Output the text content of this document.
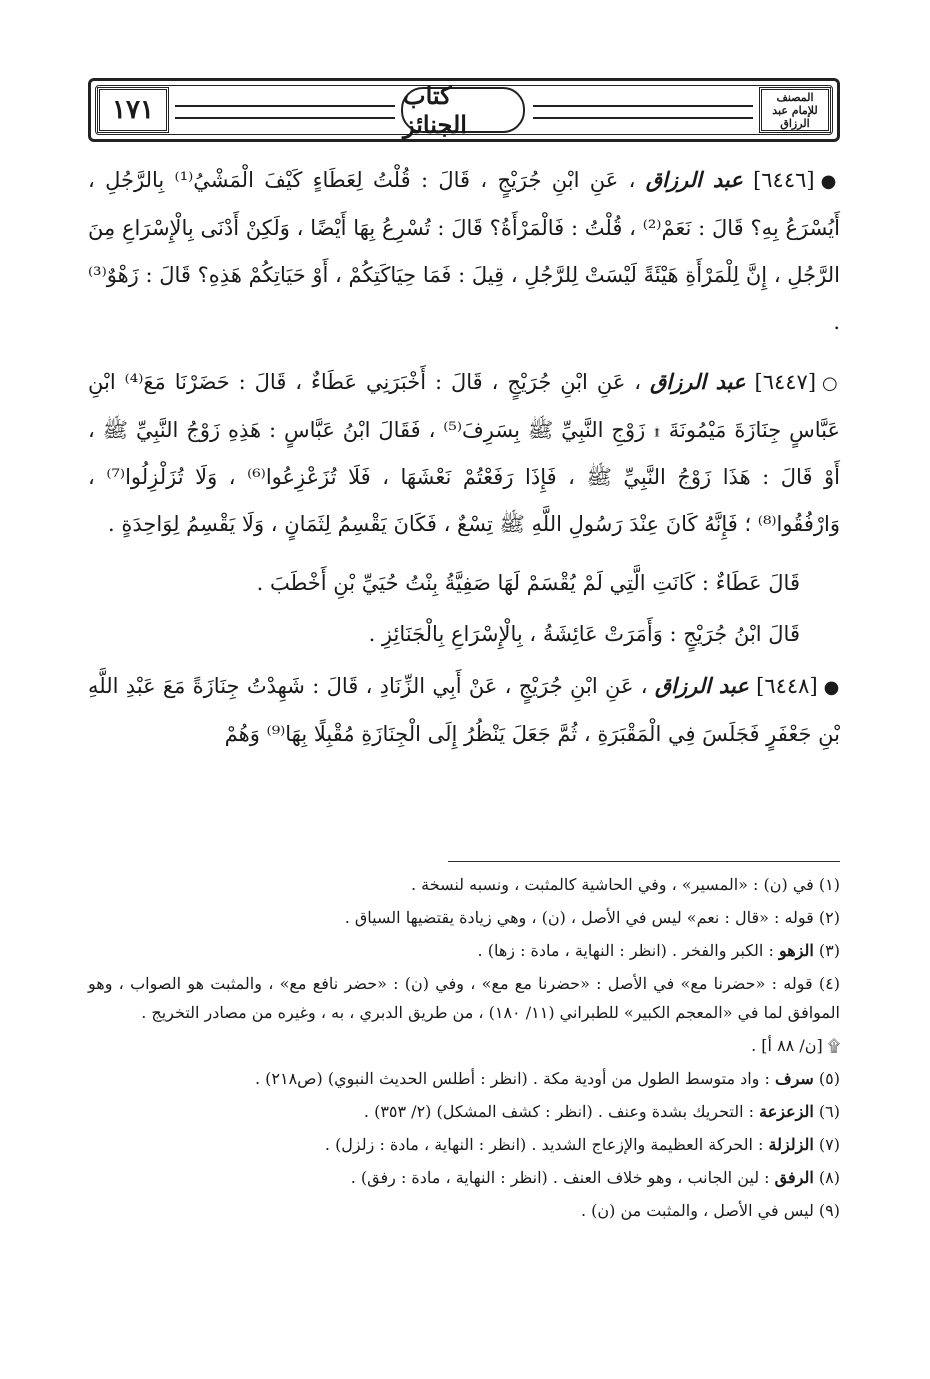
١٧١	كتاب الجنائز
المصنف للإمام عبد الرزاق

●[٦٤٤٦] عبد الرزاق ، عَنِ ابْنِ جُرَيْجٍ ، قَالَ : قُلْتُ لِعَطَاءٍ كَيْفَ الْمَشْيُ⁽¹⁾ بِالرَّجُلِ ، أَيُسْرَعُ بِهِ؟ قَالَ : نَعَمْ⁽²⁾ ، قُلْتُ : فَالْمَرْأَةُ؟ قَالَ : تُسْرِعُ بِهَا أَيْضًا ، وَلَكِنْ أَدْنَى بِالْإِسْرَاعِ مِنَ الرَّجُلِ ، إِنَّ لِلْمَرْأَةِ هَيْئَةً لَيْسَتْ لِلرَّجُلِ ، قِيلَ : فَمَا حِيَاكَتِكُمْ ، أَوْ حَيَاتِكُمْ هَذِهِ؟ قَالَ : زَهْوٌ⁽³⁾ .

○[٦٤٤٧] عبد الرزاق ، عَنِ ابْنِ جُرَيْجٍ ، قَالَ : أَخْبَرَنِي عَطَاءٌ ، قَالَ : حَضَرْنَا مَعَ⁽⁴⁾ ابْنِ عَبَّاسٍ جِنَازَةَ مَيْمُونَةَ ۩ زَوْجِ النَّبِيِّ ﷺ بِسَرِفَ⁽⁵⁾ ، فَقَالَ ابْنُ عَبَّاسٍ : هَذِهِ زَوْجُ النَّبِيِّ ﷺ ، أَوْ قَالَ : هَذَا زَوْجُ النَّبِيِّ ﷺ ، فَإِذَا رَفَعْتُمْ نَعْشَهَا ، فَلَا تُزَعْزِعُوا⁽⁶⁾ ، وَلَا تُزَلْزِلُوا⁽⁷⁾ ، وَارْفُقُوا⁽⁸⁾ ؛ فَإِنَّهُ كَانَ عِنْدَ رَسُولِ اللَّهِ ﷺ تِسْعٌ ، فَكَانَ يَقْسِمُ لِثَمَانٍ ، وَلَا يَقْسِمُ لِوَاحِدَةٍ .

قَالَ عَطَاءٌ : كَانَتِ الَّتِي لَمْ يُقْسَمْ لَهَا صَفِيَّةُ بِنْتُ حُيَيِّ بْنِ أَخْطَبَ .

قَالَ ابْنُ جُرَيْجٍ : وَأَمَرَتْ عَائِشَةُ ، بِالْإِسْرَاعِ بِالْجَنَائِزِ .

●[٦٤٤٨] عبد الرزاق ، عَنِ ابْنِ جُرَيْجٍ ، عَنْ أَبِي الزِّنَادِ ، قَالَ : شَهِدْتُ جِنَازَةً مَعَ عَبْدِ اللَّهِ بْنِ جَعْفَرٍ فَجَلَسَ فِي الْمَقْبَرَةِ ، ثُمَّ جَعَلَ يَنْظُرُ إِلَى الْجِنَازَةِ مُقْبِلًا بِهَا⁽⁹⁾ وَهُمْ

(١) في (ن) : «المسير» ، وفي الحاشية كالمثبت ، ونسبه لنسخة .

(٢) قوله : «قال : نعم» ليس في الأصل ، (ن) ، وهي زيادة يقتضيها السياق .

(٣) الزهو : الكبر والفخر . (انظر : النهاية ، مادة : زها) .

(٤) قوله : «حضرنا مع» في الأصل : «حضرنا مع مع» ، وفي (ن) : «حضر نافع مع» ، والمثبت هو الصواب ، وهو الموافق لما في «المعجم الكبير» للطبراني (١١/ ١٨٠) ، من طريق الدبري ، به ، وغيره من مصادر التخريج .

۩ [ن/ ٨٨ أ] .

(٥) سرف : واد متوسط الطول من أودية مكة . (انظر : أطلس الحديث النبوي) (ص٢١٨) .

(٦) الزعزعة : التحريك بشدة وعنف . (انظر : كشف المشكل) (٢/ ٣٥٣) .

(٧) الزلزلة : الحركة العظيمة والإزعاج الشديد . (انظر : النهاية ، مادة : زلزل) .

(٨) الرفق : لين الجانب ، وهو خلاف العنف . (انظر : النهاية ، مادة : رفق) .

(٩) ليس في الأصل ، والمثبت من (ن) .
